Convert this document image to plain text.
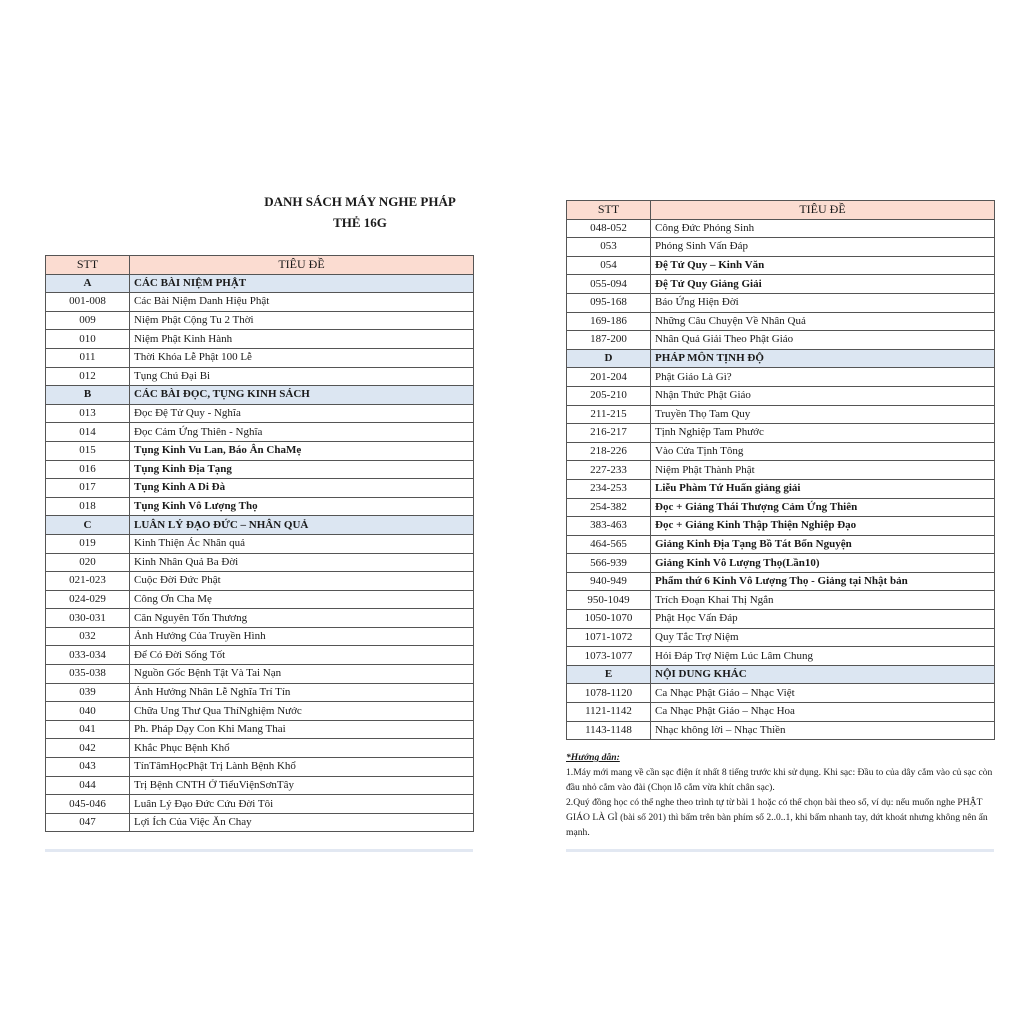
DANH SÁCH MÁY NGHE PHÁP
THẺ 16G
STT	TIÊU ĐỀ
A	CÁC BÀI NIỆM PHẬT
001-008	Các Bài Niệm Danh Hiệu Phật
009	Niệm Phật Cộng Tu 2 Thời
010	Niệm Phật Kinh Hành
011	Thời Khóa Lễ Phật 100 Lễ
012	Tụng Chú Đại Bi
B	CÁC BÀI ĐỌC, TỤNG KINH SÁCH
013	Đọc Đệ Tử Quy - Nghĩa
014	Đọc Cảm Ứng Thiên - Nghĩa
015	Tụng Kinh Vu Lan, Báo Ân ChaMẹ
016	Tụng Kinh Địa Tạng
017	Tụng Kinh A Di Đà
018	Tụng Kinh Vô Lượng Thọ
C	LUÂN LÝ ĐẠO ĐỨC – NHÂN QUẢ
019	Kinh Thiện Ác Nhân quả
020	Kinh Nhân Quả Ba Đời
021-023	Cuộc Đời Đức Phật
024-029	Công Ơn Cha Mẹ
030-031	Căn Nguyên Tổn Thương
032	Ảnh Hưởng Của Truyền Hình
033-034	Để Có Đời Sống Tốt
035-038	Nguồn Gốc Bệnh Tật Và Tai Nạn
039	Ảnh Hưởng Nhân Lễ Nghĩa Trí Tín
040	Chữa Ung Thư Qua ThíNghiệm Nước
041	Ph. Pháp Dạy Con Khi Mang Thai
042	Khắc Phục Bệnh Khổ
043	TínTâmHọcPhật Trị Lành Bệnh Khổ
044	Trị Bệnh CNTH Ở TiểuViệnSơnTây
045-046	Luân Lý Đạo Đức Cứu Đời Tôi
047	Lợi Ích Của Việc Ăn Chay
STT	TIÊU ĐỀ
048-052	Công Đức Phóng Sinh
053	Phóng Sinh Vấn Đáp
054	Đệ Tử Quy – Kinh Văn
055-094	Đệ Tử Quy Giảng Giải
095-168	Báo Ứng Hiện Đời
169-186	Những Câu Chuyện Về Nhân Quả
187-200	Nhân Quả Giải Theo Phật Giáo
D	PHÁP MÔN TỊNH ĐỘ
201-204	Phật Giáo Là Gì?
205-210	Nhận Thức Phật Giáo
211-215	Truyền Thọ Tam Quy
216-217	Tịnh Nghiệp Tam Phước
218-226	Vào Cửa Tịnh Tông
227-233	Niệm Phật Thành Phật
234-253	Liễu Phàm Tứ Huấn giảng giải
254-382	Đọc + Giảng Thái Thượng Cảm Ứng Thiên
383-463	Đọc + Giảng Kinh Thập Thiện Nghiệp Đạo
464-565	Giảng Kinh Địa Tạng Bồ Tát Bổn Nguyện
566-939	Giảng Kinh Vô Lượng Thọ(Lần10)
940-949	Phẩm thứ 6 Kinh Vô Lượng Thọ - Giảng tại Nhật bản
950-1049	Trích Đoạn Khai Thị Ngắn
1050-1070	Phật Học Vấn Đáp
1071-1072	Quy Tắc Trợ Niệm
1073-1077	Hỏi Đáp Trợ Niệm Lúc Lâm Chung
E	NỘI DUNG KHÁC
1078-1120	Ca Nhạc Phật Giáo – Nhạc Việt
1121-1142	Ca Nhạc Phật Giáo – Nhạc Hoa
1143-1148	Nhạc không lời – Nhạc Thiền
*Hướng dẫn:

1.Máy mới mang về cần sạc điện ít nhất 8 tiếng trước khi sử dụng. Khi sạc: Đầu to của dây cắm vào củ sạc còn đầu nhỏ cắm vào đài (Chọn lỗ cắm vừa khít chân sạc).

2.Quý đồng học có thể nghe theo trình tự từ bài 1 hoặc có thể chọn bài theo số, ví dụ: nếu muốn nghe PHẬT GIÁO LÀ GÌ (bài số 201) thì bấm trên bàn phím số 2..0..1, khi bấm nhanh tay, dứt khoát nhưng không nên ấn mạnh.
